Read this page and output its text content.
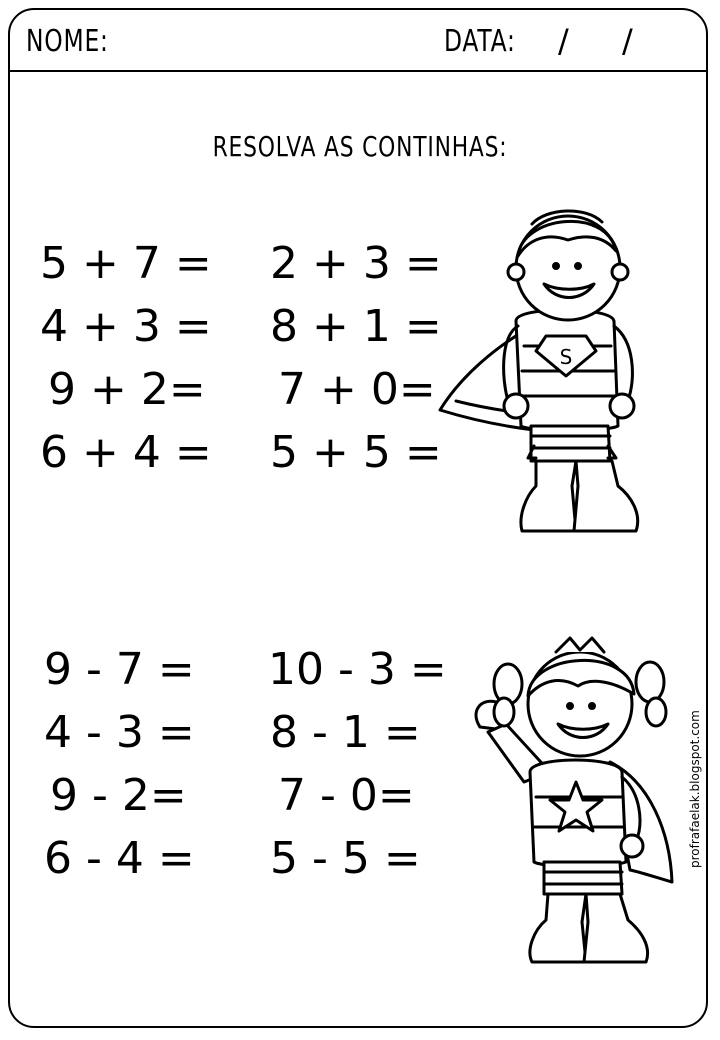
NOME:	DATA: / /
RESOLVA AS CONTINHAS:
5 + 7 =
4 + 3 =
9 + 2=
6 + 4 =
2 + 3 =
8 + 1 =
7 + 0=
5 + 5 =
9 - 7 =
4 - 3 =
9 - 2=
6 - 4 =
10 - 3 =
8 - 1 =
7 - 0=
5 - 5 =
S
profrafaelak.blogspot.com
